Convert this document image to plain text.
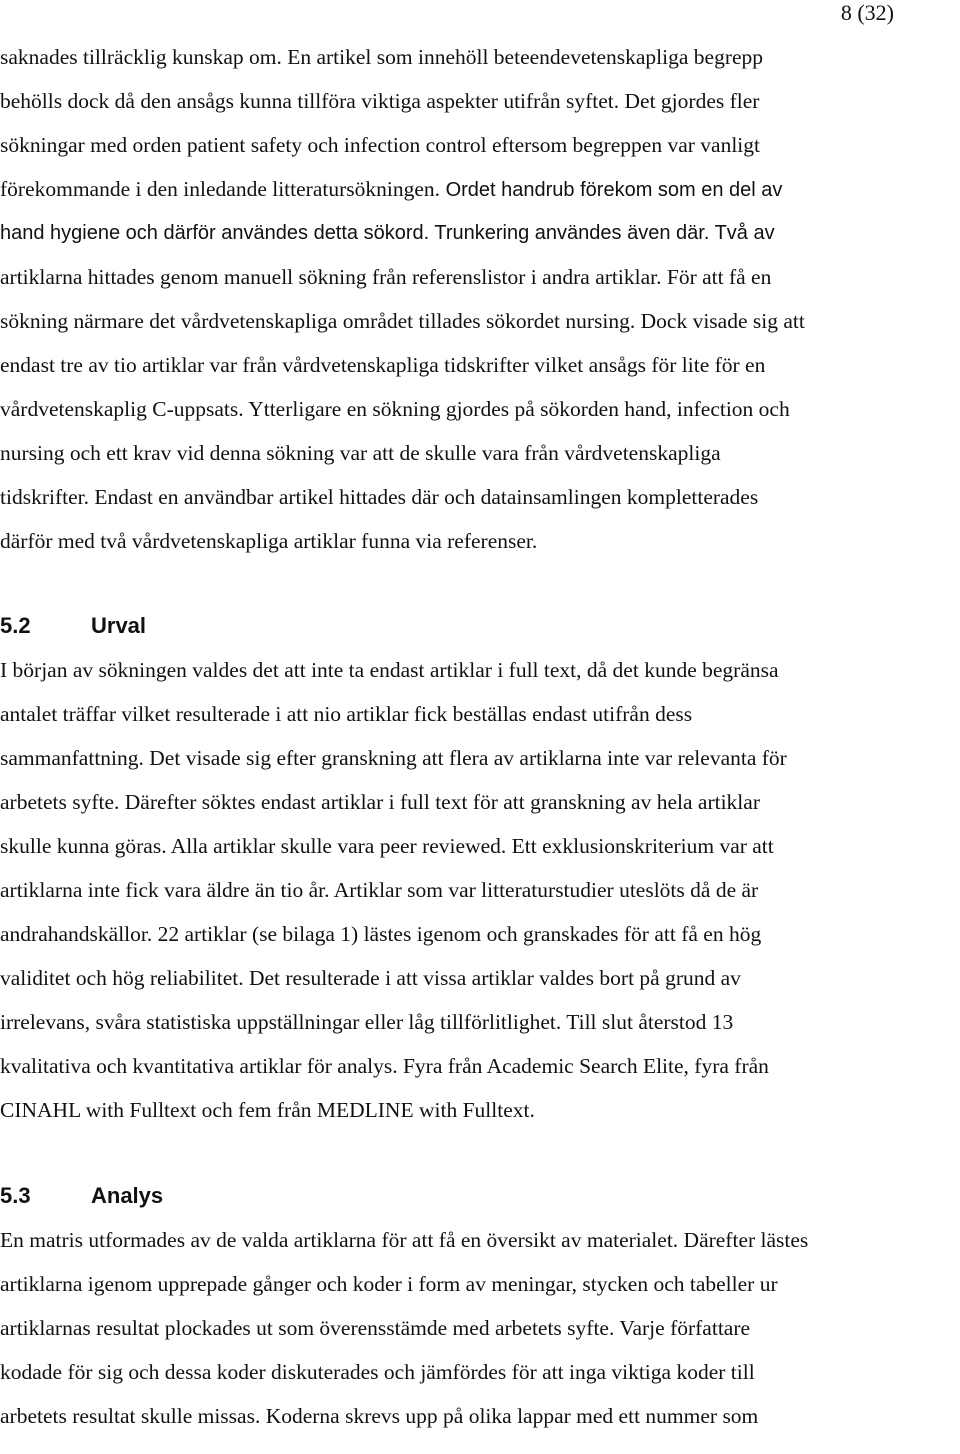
8 (32)
saknades tillräcklig kunskap om. En artikel som innehöll beteendevetenskapliga begrepp
behölls dock då den ansågs kunna tillföra viktiga aspekter utifrån syftet. Det gjordes fler
sökningar med orden patient safety och infection control eftersom begreppen var vanligt
förekommande i den inledande litteratursökningen. Ordet handrub förekom som en del av
hand hygiene och därför användes detta sökord. Trunkering användes även där. Två av
artiklarna hittades genom manuell sökning från referenslistor i andra artiklar. För att få en
sökning närmare det vårdvetenskapliga området tillades sökordet nursing. Dock visade sig att
endast tre av tio artiklar var från vårdvetenskapliga tidskrifter vilket ansågs för lite för en
vårdvetenskaplig C-uppsats. Ytterligare en sökning gjordes på sökorden hand, infection och
nursing och ett krav vid denna sökning var att de skulle vara från vårdvetenskapliga
tidskrifter. Endast en användbar artikel hittades där och datainsamlingen kompletterades
därför med två vårdvetenskapliga artiklar funna via referenser.
5.2	Urval
I början av sökningen valdes det att inte ta endast artiklar i full text, då det kunde begränsa
antalet träffar vilket resulterade i att nio artiklar fick beställas endast utifrån dess
sammanfattning. Det visade sig efter granskning att flera av artiklarna inte var relevanta för
arbetets syfte. Därefter söktes endast artiklar i full text för att granskning av hela artiklar
skulle kunna göras. Alla artiklar skulle vara peer reviewed. Ett exklusionskriterium var att
artiklarna inte fick vara äldre än tio år. Artiklar som var litteraturstudier uteslöts då de är
andrahandskällor. 22 artiklar (se bilaga 1) lästes igenom och granskades för att få en hög
validitet och hög reliabilitet. Det resulterade i att vissa artiklar valdes bort på grund av
irrelevans, svåra statistiska uppställningar eller låg tillförlitlighet. Till slut återstod 13
kvalitativa och kvantitativa artiklar för analys. Fyra från Academic Search Elite, fyra från
CINAHL with Fulltext och fem från MEDLINE with Fulltext.
5.3	Analys
En matris utformades av de valda artiklarna för att få en översikt av materialet. Därefter lästes
artiklarna igenom upprepade gånger och koder i form av meningar, stycken och tabeller ur
artiklarnas resultat plockades ut som överensstämde med arbetets syfte. Varje författare
kodade för sig och dessa koder diskuterades och jämfördes för att inga viktiga koder till
arbetets resultat skulle missas. Koderna skrevs upp på olika lappar med ett nummer som
